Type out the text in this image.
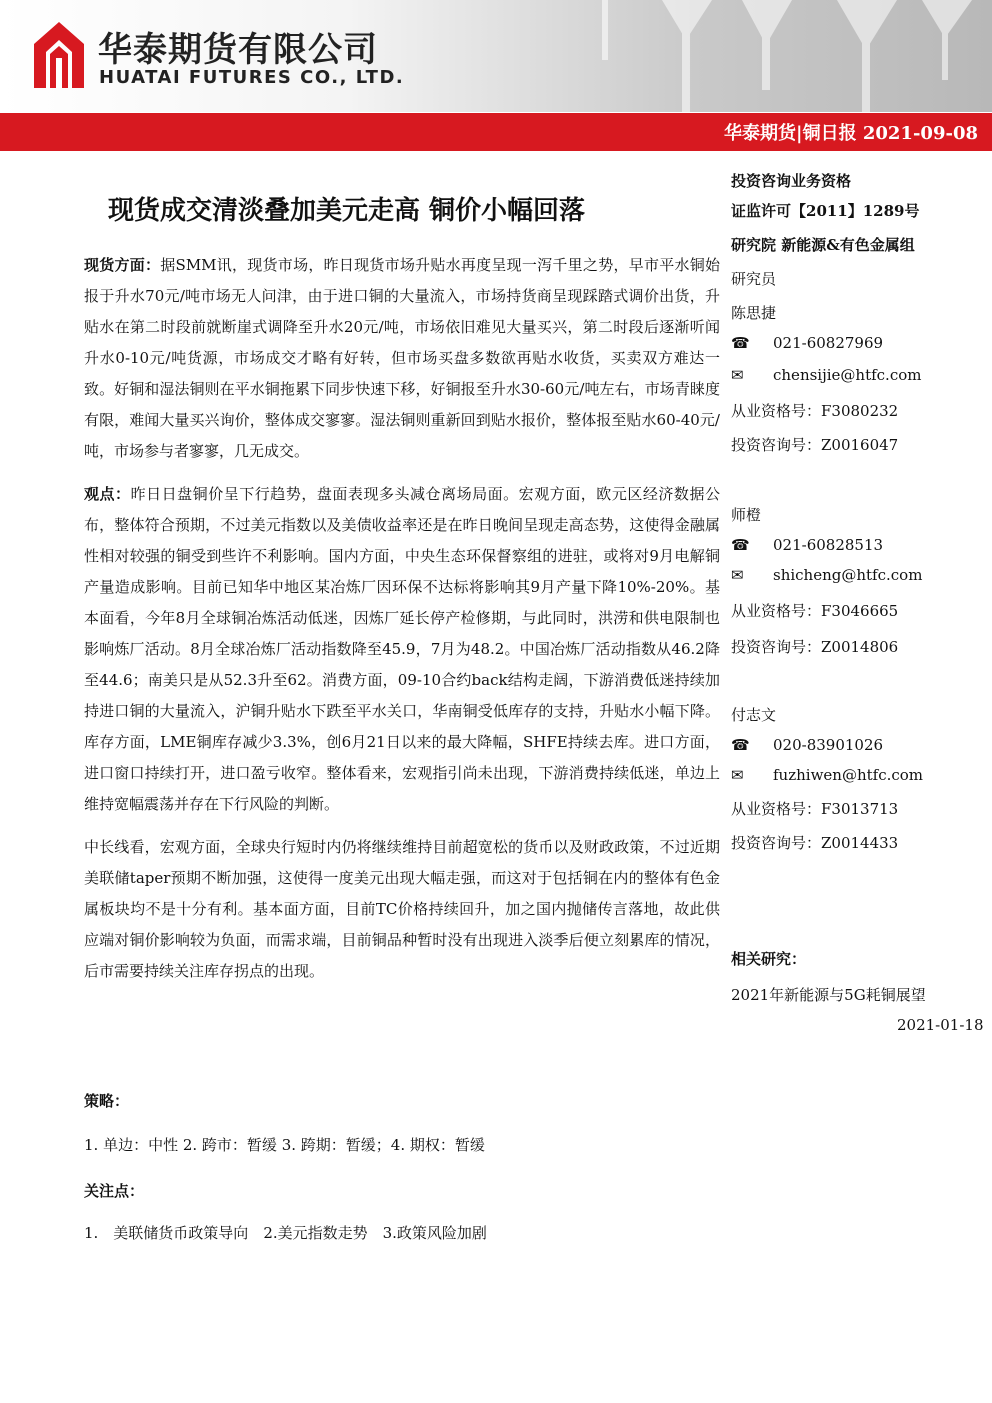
华泰期货有限公司
HUATAI FUTURES CO., LTD.
华泰期货|铜日报 2021-09-08
现货成交清淡叠加美元走高 铜价小幅回落

现货方面：据SMM讯，现货市场，昨日现货市场升贴水再度呈现一泻千里之势，早市平水铜始报于升水70元/吨市场无人问津，由于进口铜的大量流入，市场持货商呈现踩踏式调价出货，升贴水在第二时段前就断崖式调降至升水20元/吨，市场依旧难见大量买兴，第二时段后逐渐听闻升水0-10元/吨货源，市场成交才略有好转，但市场买盘多数欲再贴水收货，买卖双方难达一致。好铜和湿法铜则在平水铜拖累下同步快速下移，好铜报至升水30-60元/吨左右，市场青睐度有限，难闻大量买兴询价，整体成交寥寥。湿法铜则重新回到贴水报价，整体报至贴水60-40元/吨，市场参与者寥寥，几无成交。

观点：昨日日盘铜价呈下行趋势，盘面表现多头减仓离场局面。宏观方面，欧元区经济数据公布，整体符合预期，不过美元指数以及美债收益率还是在昨日晚间呈现走高态势，这使得金融属性相对较强的铜受到些许不利影响。国内方面，中央生态环保督察组的进驻，或将对9月电解铜产量造成影响。目前已知华中地区某冶炼厂因环保不达标将影响其9月产量下降10%-20%。基本面看，今年8月全球铜冶炼活动低迷，因炼厂延长停产检修期，与此同时，洪涝和供电限制也影响炼厂活动。8月全球冶炼厂活动指数降至45.9，7月为48.2。中国冶炼厂活动指数从46.2降至44.6；南美只是从52.3升至62。消费方面，09-10合约back结构走阔，下游消费低迷持续加持进口铜的大量流入，沪铜升贴水下跌至平水关口，华南铜受低库存的支持，升贴水小幅下降。库存方面，LME铜库存减少3.3%，创6月21日以来的最大降幅，SHFE持续去库。进口方面，进口窗口持续打开，进口盈亏收窄。整体看来，宏观指引尚未出现，下游消费持续低迷，单边上维持宽幅震荡并存在下行风险的判断。

中长线看，宏观方面，全球央行短时内仍将继续维持目前超宽松的货币以及财政政策，不过近期美联储taper预期不断加强，这使得一度美元出现大幅走强，而这对于包括铜在内的整体有色金属板块均不是十分有利。基本面方面，目前TC价格持续回升，加之国内抛储传言落地，故此供应端对铜价影响较为负面，而需求端，目前铜品种暂时没有出现进入淡季后便立刻累库的情况，后市需要持续关注库存拐点的出现。

策略：
1. 单边：中性 2. 跨市：暂缓 3. 跨期：暂缓；4. 期权：暂缓
关注点：
1.　美联储货币政策导向　2.美元指数走势　3.政策风险加剧
投资咨询业务资格
证监许可【2011】1289号
研究院 新能源&有色金属组
研究员
陈思捷
☎ 021-60827969
✉ chensijie@htfc.com
从业资格号：F3080232
投资咨询号：Z0016047
师橙
☎ 021-60828513
✉ shicheng@htfc.com
从业资格号：F3046665
投资咨询号：Z0014806
付志文
☎ 020-83901026
✉ fuzhiwen@htfc.com
从业资格号：F3013713
投资咨询号：Z0014433
相关研究：
2021年新能源与5G耗铜展望
2021-01-18
